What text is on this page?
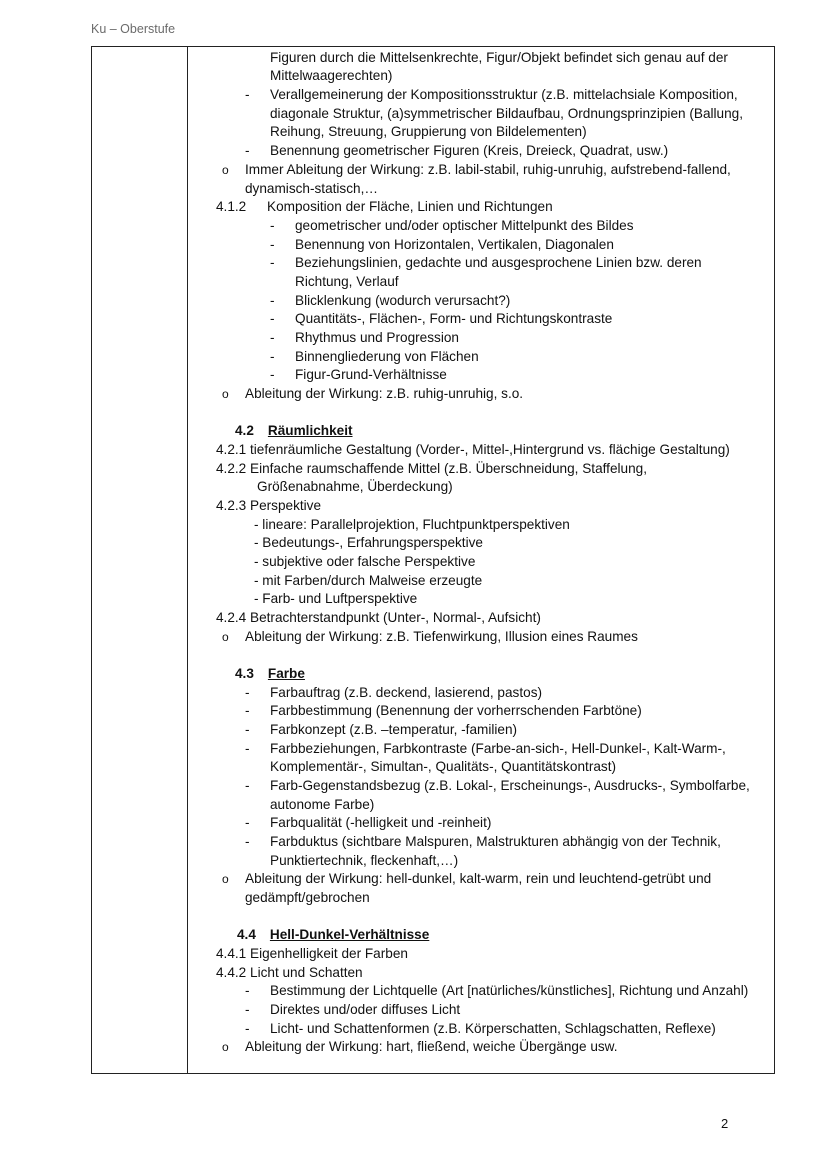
Ku – Oberstufe
Figuren durch die Mittelsenkrechte, Figur/Objekt befindet sich genau auf der
Mittelwaagerechten)
- Verallgemeinerung der Kompositionsstruktur (z.B. mittelachsiale Komposition,
diagonale Struktur, (a)symmetrischer Bildaufbau, Ordnungsprinzipien (Ballung,
Reihung, Streuung, Gruppierung von Bildelementen)
- Benennung geometrischer Figuren (Kreis, Dreieck, Quadrat, usw.)
o Immer Ableitung der Wirkung: z.B. labil-stabil, ruhig-unruhig, aufstrebend-fallend,
dynamisch-statisch,…
4.1.2 Komposition der Fläche, Linien und Richtungen
- geometrischer und/oder optischer Mittelpunkt des Bildes
- Benennung von Horizontalen, Vertikalen, Diagonalen
- Beziehungslinien, gedachte und ausgesprochene Linien bzw. deren
Richtung, Verlauf
- Blicklenkung (wodurch verursacht?)
- Quantitäts-, Flächen-, Form- und Richtungskontraste
- Rhythmus und Progression
- Binnengliederung von Flächen
- Figur-Grund-Verhältnisse
o Ableitung der Wirkung: z.B. ruhig-unruhig, s.o.
4.2 Räumlichkeit
4.2.1 tiefenräumliche Gestaltung (Vorder-, Mittel-,Hintergrund vs. flächige Gestaltung)
4.2.2 Einfache raumschaffende Mittel (z.B. Überschneidung, Staffelung,
Größenabnahme, Überdeckung)
4.2.3 Perspektive
- lineare: Parallelprojektion, Fluchtpunktperspektiven
- Bedeutungs-, Erfahrungsperspektive
- subjektive oder falsche Perspektive
- mit Farben/durch Malweise erzeugte
- Farb- und Luftperspektive
4.2.4 Betrachterstandpunkt (Unter-, Normal-, Aufsicht)
o Ableitung der Wirkung: z.B. Tiefenwirkung, Illusion eines Raumes
4.3 Farbe
- Farbauftrag (z.B. deckend, lasierend, pastos)
- Farbbestimmung (Benennung der vorherrschenden Farbtöne)
- Farbkonzept (z.B. –temperatur, -familien)
- Farbbeziehungen, Farbkontraste (Farbe-an-sich-, Hell-Dunkel-, Kalt-Warm-,
Komplementär-, Simultan-, Qualitäts-, Quantitätskontrast)
- Farb-Gegenstandsbezug (z.B. Lokal-, Erscheinungs-, Ausdrucks-, Symbolfarbe,
autonome Farbe)
- Farbqualität (-helligkeit und -reinheit)
- Farbduktus (sichtbare Malspuren, Malstrukturen abhängig von der Technik,
Punktiertechnik, fleckenhaft,…)
o Ableitung der Wirkung: hell-dunkel, kalt-warm, rein und leuchtend-getrübt und
gedämpft/gebrochen
4.4 Hell-Dunkel-Verhältnisse
4.4.1 Eigenhelligkeit der Farben
4.4.2 Licht und Schatten
- Bestimmung der Lichtquelle (Art [natürliches/künstliches], Richtung und Anzahl)
- Direktes und/oder diffuses Licht
- Licht- und Schattenformen (z.B. Körperschatten, Schlagschatten, Reflexe)
o Ableitung der Wirkung: hart, fließend, weiche Übergänge usw.
2
